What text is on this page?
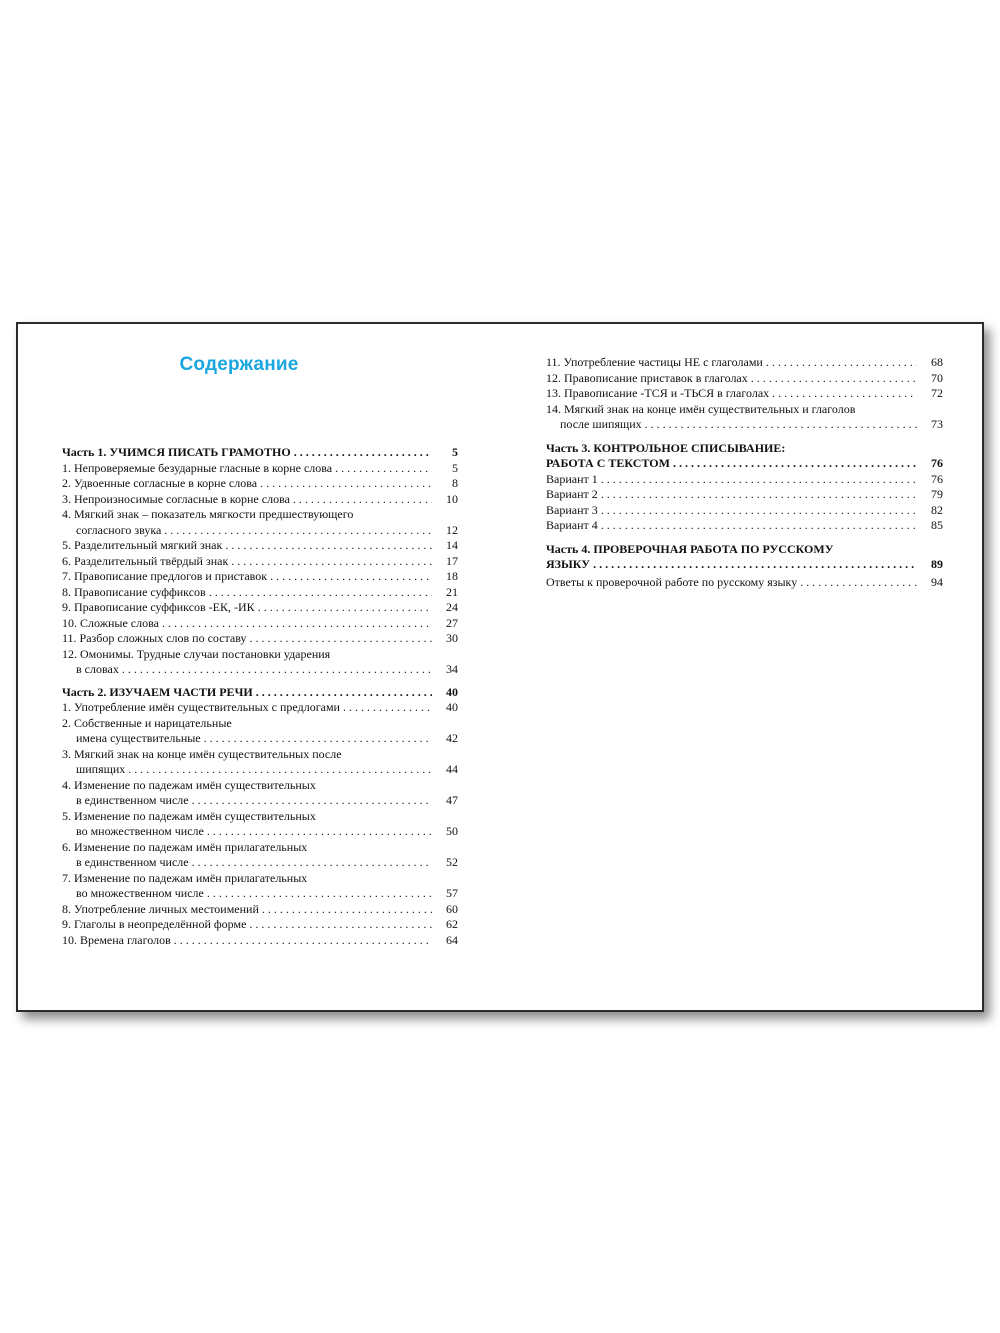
Содержание
Часть 1. УЧИМСЯ ПИСАТЬ ГРАМОТНО . . .	5
1. Непроверяемые безударные гласные в корне слова . . .	5
2. Удвоенные согласные в корне слова . . .	8
3. Непроизносимые согласные в корне слова . . .	10
4. Мягкий знак – показатель мягкости предшествующего
согласного звука . . .	12
5. Разделительный мягкий знак . . .	14
6. Разделительный твёрдый знак . . .	17
7. Правописание предлогов и приставок . . .	18
8. Правописание суффиксов . . .	21
9. Правописание суффиксов -ЕК, -ИК . . .	24
10. Сложные слова . . .	27
11. Разбор сложных слов по составу . . .	30
12. Омонимы. Трудные случаи постановки ударения
в словах . . .	34
Часть 2. ИЗУЧАЕМ ЧАСТИ РЕЧИ . . .	40
1. Употребление имён существительных с предлогами . . .	40
2. Собственные и нарицательные
имена существительные . . .	42
3. Мягкий знак на конце имён существительных после
шипящих . . .	44
4. Изменение по падежам имён существительных
в единственном числе . . .	47
5. Изменение по падежам имён существительных
во множественном числе . . .	50
6. Изменение по падежам имён прилагательных
в единственном числе . . .	52
7. Изменение по падежам имён прилагательных
во множественном числе . . .	57
8. Употребление личных местоимений . . .	60
9. Глаголы в неопределённой форме . . .	62
10. Времена глаголов . . .	64
11. Употребление частицы НЕ с глаголами . . .	68
12. Правописание приставок в глаголах . . .	70
13. Правописание -ТСЯ и -ТЬСЯ в глаголах . . .	72
14. Мягкий знак на конце имён существительных и глаголов
после шипящих . . .	73
Часть 3. КОНТРОЛЬНОЕ СПИСЫВАНИЕ:
РАБОТА С ТЕКСТОМ . . .	76
Вариант 1 . . .	76
Вариант 2 . . .	79
Вариант 3 . . .	82
Вариант 4 . . .	85
Часть 4. ПРОВЕРОЧНАЯ РАБОТА ПО РУССКОМУ
ЯЗЫКУ . . .	89
Ответы к проверочной работе по русскому языку . . .	94
